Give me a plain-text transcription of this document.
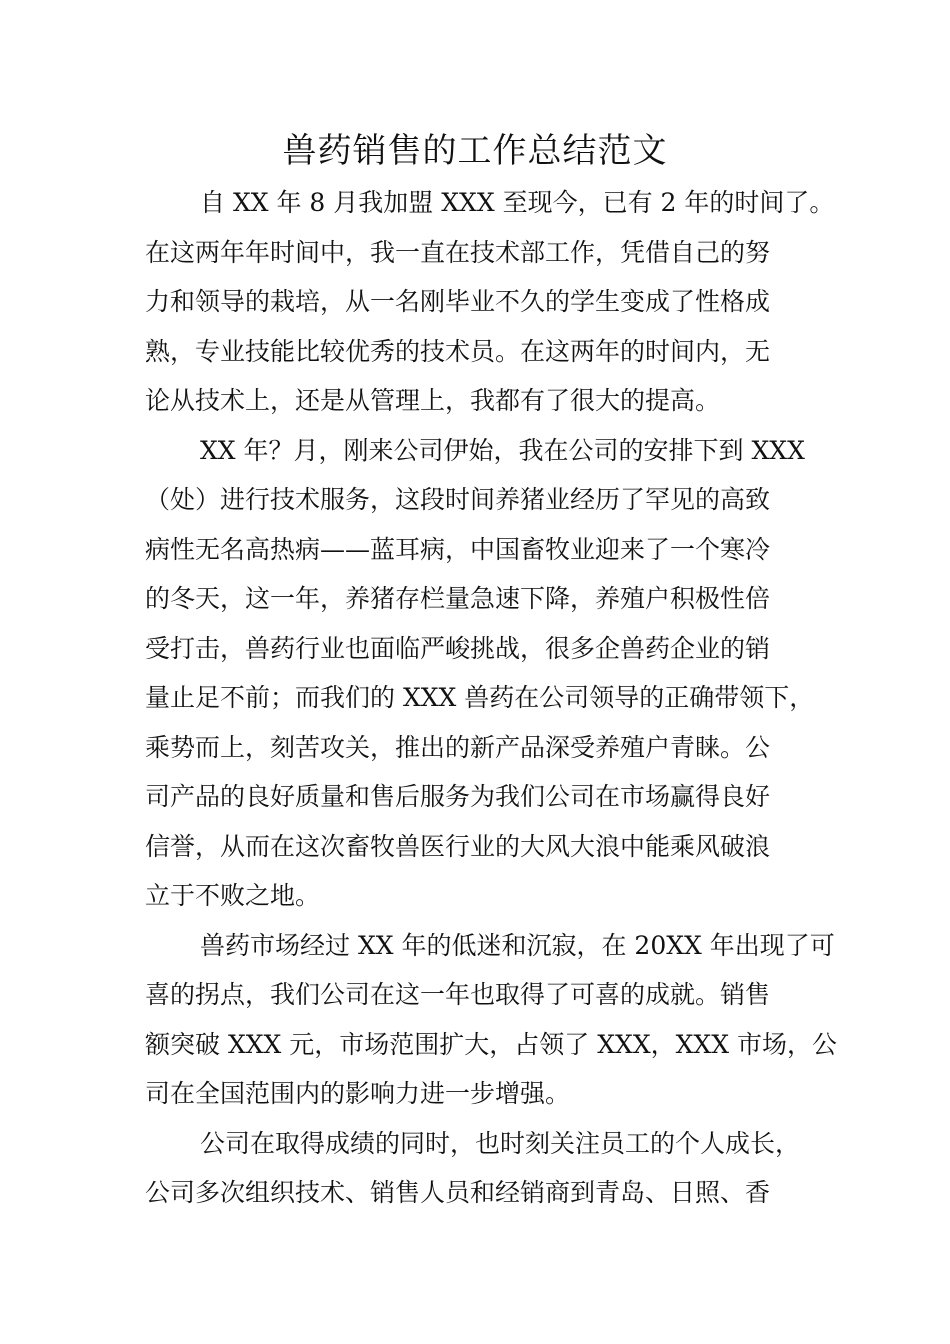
兽药销售的工作总结范文
自 XX 年 8 月我加盟 XXX 至现今，已有 2 年的时间了。
在这两年年时间中，我一直在技术部工作，凭借自己的努
力和领导的栽培，从一名刚毕业不久的学生变成了性格成
熟，专业技能比较优秀的技术员。在这两年的时间内，无
论从技术上，还是从管理上，我都有了很大的提高。
XX 年？月，刚来公司伊始，我在公司的安排下到 XXX
（处）进行技术服务，这段时间养猪业经历了罕见的高致
病性无名高热病——蓝耳病，中国畜牧业迎来了一个寒冷
的冬天，这一年，养猪存栏量急速下降，养殖户积极性倍
受打击，兽药行业也面临严峻挑战，很多企兽药企业的销
量止足不前；而我们的 XXX 兽药在公司领导的正确带领下，
乘势而上，刻苦攻关，推出的新产品深受养殖户青睐。公
司产品的良好质量和售后服务为我们公司在市场赢得良好
信誉，从而在这次畜牧兽医行业的大风大浪中能乘风破浪
立于不败之地。
兽药市场经过 XX 年的低迷和沉寂，在 20XX 年出现了可
喜的拐点，我们公司在这一年也取得了可喜的成就。销售
额突破 XXX 元，市场范围扩大，占领了 XXX，XXX 市场，公
司在全国范围内的影响力进一步增强。
公司在取得成绩的同时，也时刻关注员工的个人成长，
公司多次组织技术、销售人员和经销商到青岛、日照、香
